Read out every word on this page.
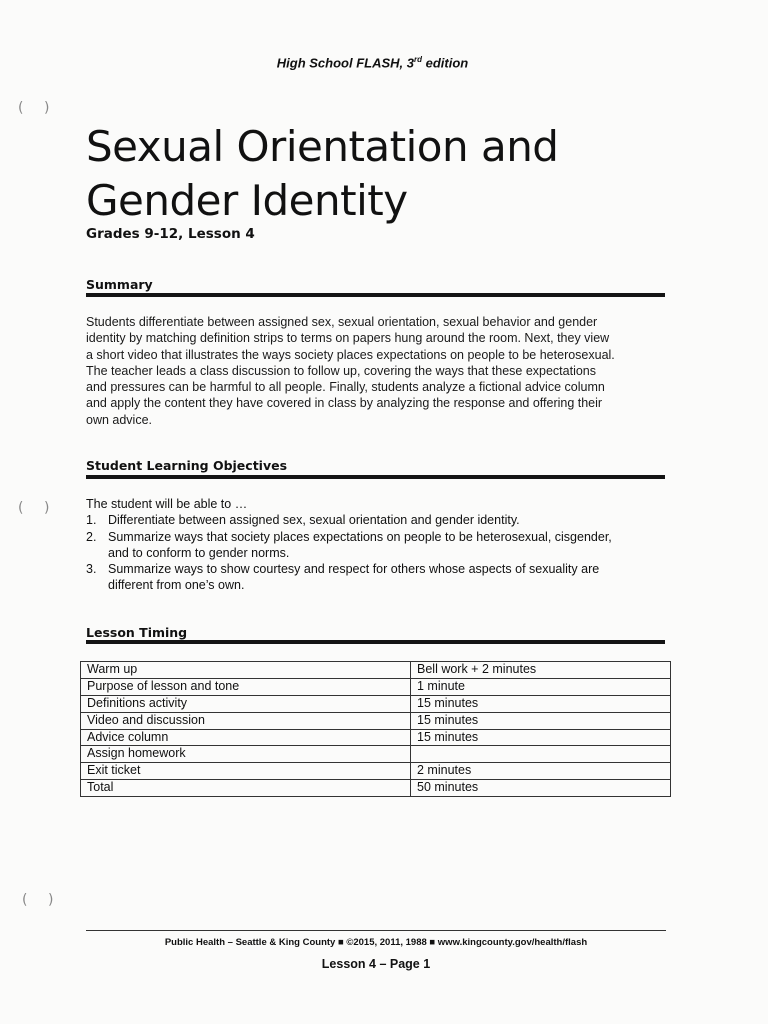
High School FLASH, 3rd edition
( )
( )
( )
Sexual Orientation and
Gender Identity
Grades 9-12, Lesson 4
Summary
Students differentiate between assigned sex, sexual orientation, sexual behavior and gender
identity by matching definition strips to terms on papers hung around the room. Next, they view
a short video that illustrates the ways society places expectations on people to be heterosexual.
The teacher leads a class discussion to follow up, covering the ways that these expectations
and pressures can be harmful to all people. Finally, students analyze a fictional advice column
and apply the content they have covered in class by analyzing the response and offering their
own advice.
Student Learning Objectives
The student will be able to …
1. Differentiate between assigned sex, sexual orientation and gender identity.
2. Summarize ways that society places expectations on people to be heterosexual, cisgender,
and to conform to gender norms.
3. Summarize ways to show courtesy and respect for others whose aspects of sexuality are
different from one’s own.
Lesson Timing
Warm up	Bell work + 2 minutes
Purpose of lesson and tone	1 minute
Definitions activity	15 minutes
Video and discussion	15 minutes
Advice column	15 minutes
Assign homework	
Exit ticket	2 minutes
Total	50 minutes
Public Health – Seattle & King County ■ ©2015, 2011, 1988 ■ www.kingcounty.gov/health/flash
Lesson 4 – Page 1
